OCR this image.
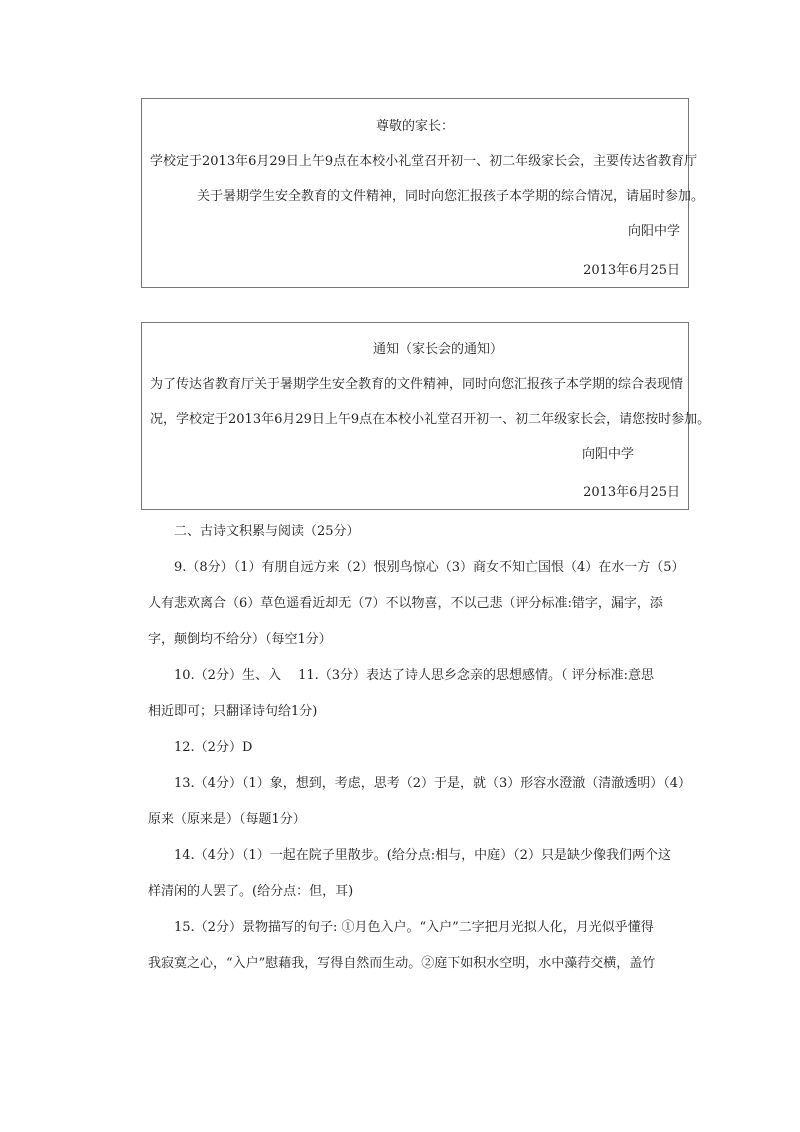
尊敬的家长：
学校定于2013年6月29日上午9点在本校小礼堂召开初一、初二年级家长会，主要传达省教育厅
关于暑期学生安全教育的文件精神，同时向您汇报孩子本学期的综合情况，请届时参加。
向阳中学
2013年6月25日
通知（家长会的通知）
为了传达省教育厅关于暑期学生安全教育的文件精神，同时向您汇报孩子本学期的综合表现情
况，学校定于2013年6月29日上午9点在本校小礼堂召开初一、初二年级家长会，请您按时参加。
向阳中学
2013年6月25日
二、古诗文积累与阅读（25分）
9.（8分）（1）有朋自远方来（2）恨别鸟惊心（3）商女不知亡国恨（4）在水一方（5）
人有悲欢离合（6）草色遥看近却无（7）不以物喜，不以己悲（评分标准:错字，漏字，添
字，颠倒均不给分）（每空1分）
10.（2分）生、入　 11.（3分）表达了诗人思乡念亲的思想感情。（ 评分标准:意思
相近即可；只翻译诗句给1分)
12.（2分）D
13.（4分）（1）象，想到，考虑，思考（2）于是，就（3）形容水澄澈（清澈透明）（4）
原来（原来是）（每题1分）
14.（4分）（1）一起在院子里散步。(给分点:相与，中庭）（2）只是缺少像我们两个这
样清闲的人罢了。(给分点：但，耳)
15.（2分）景物描写的句子: ①月色入户。“入户”二字把月光拟人化，月光似乎懂得
我寂寞之心，“入户”慰藉我，写得自然而生动。②庭下如积水空明，水中藻荇交横，盖竹
